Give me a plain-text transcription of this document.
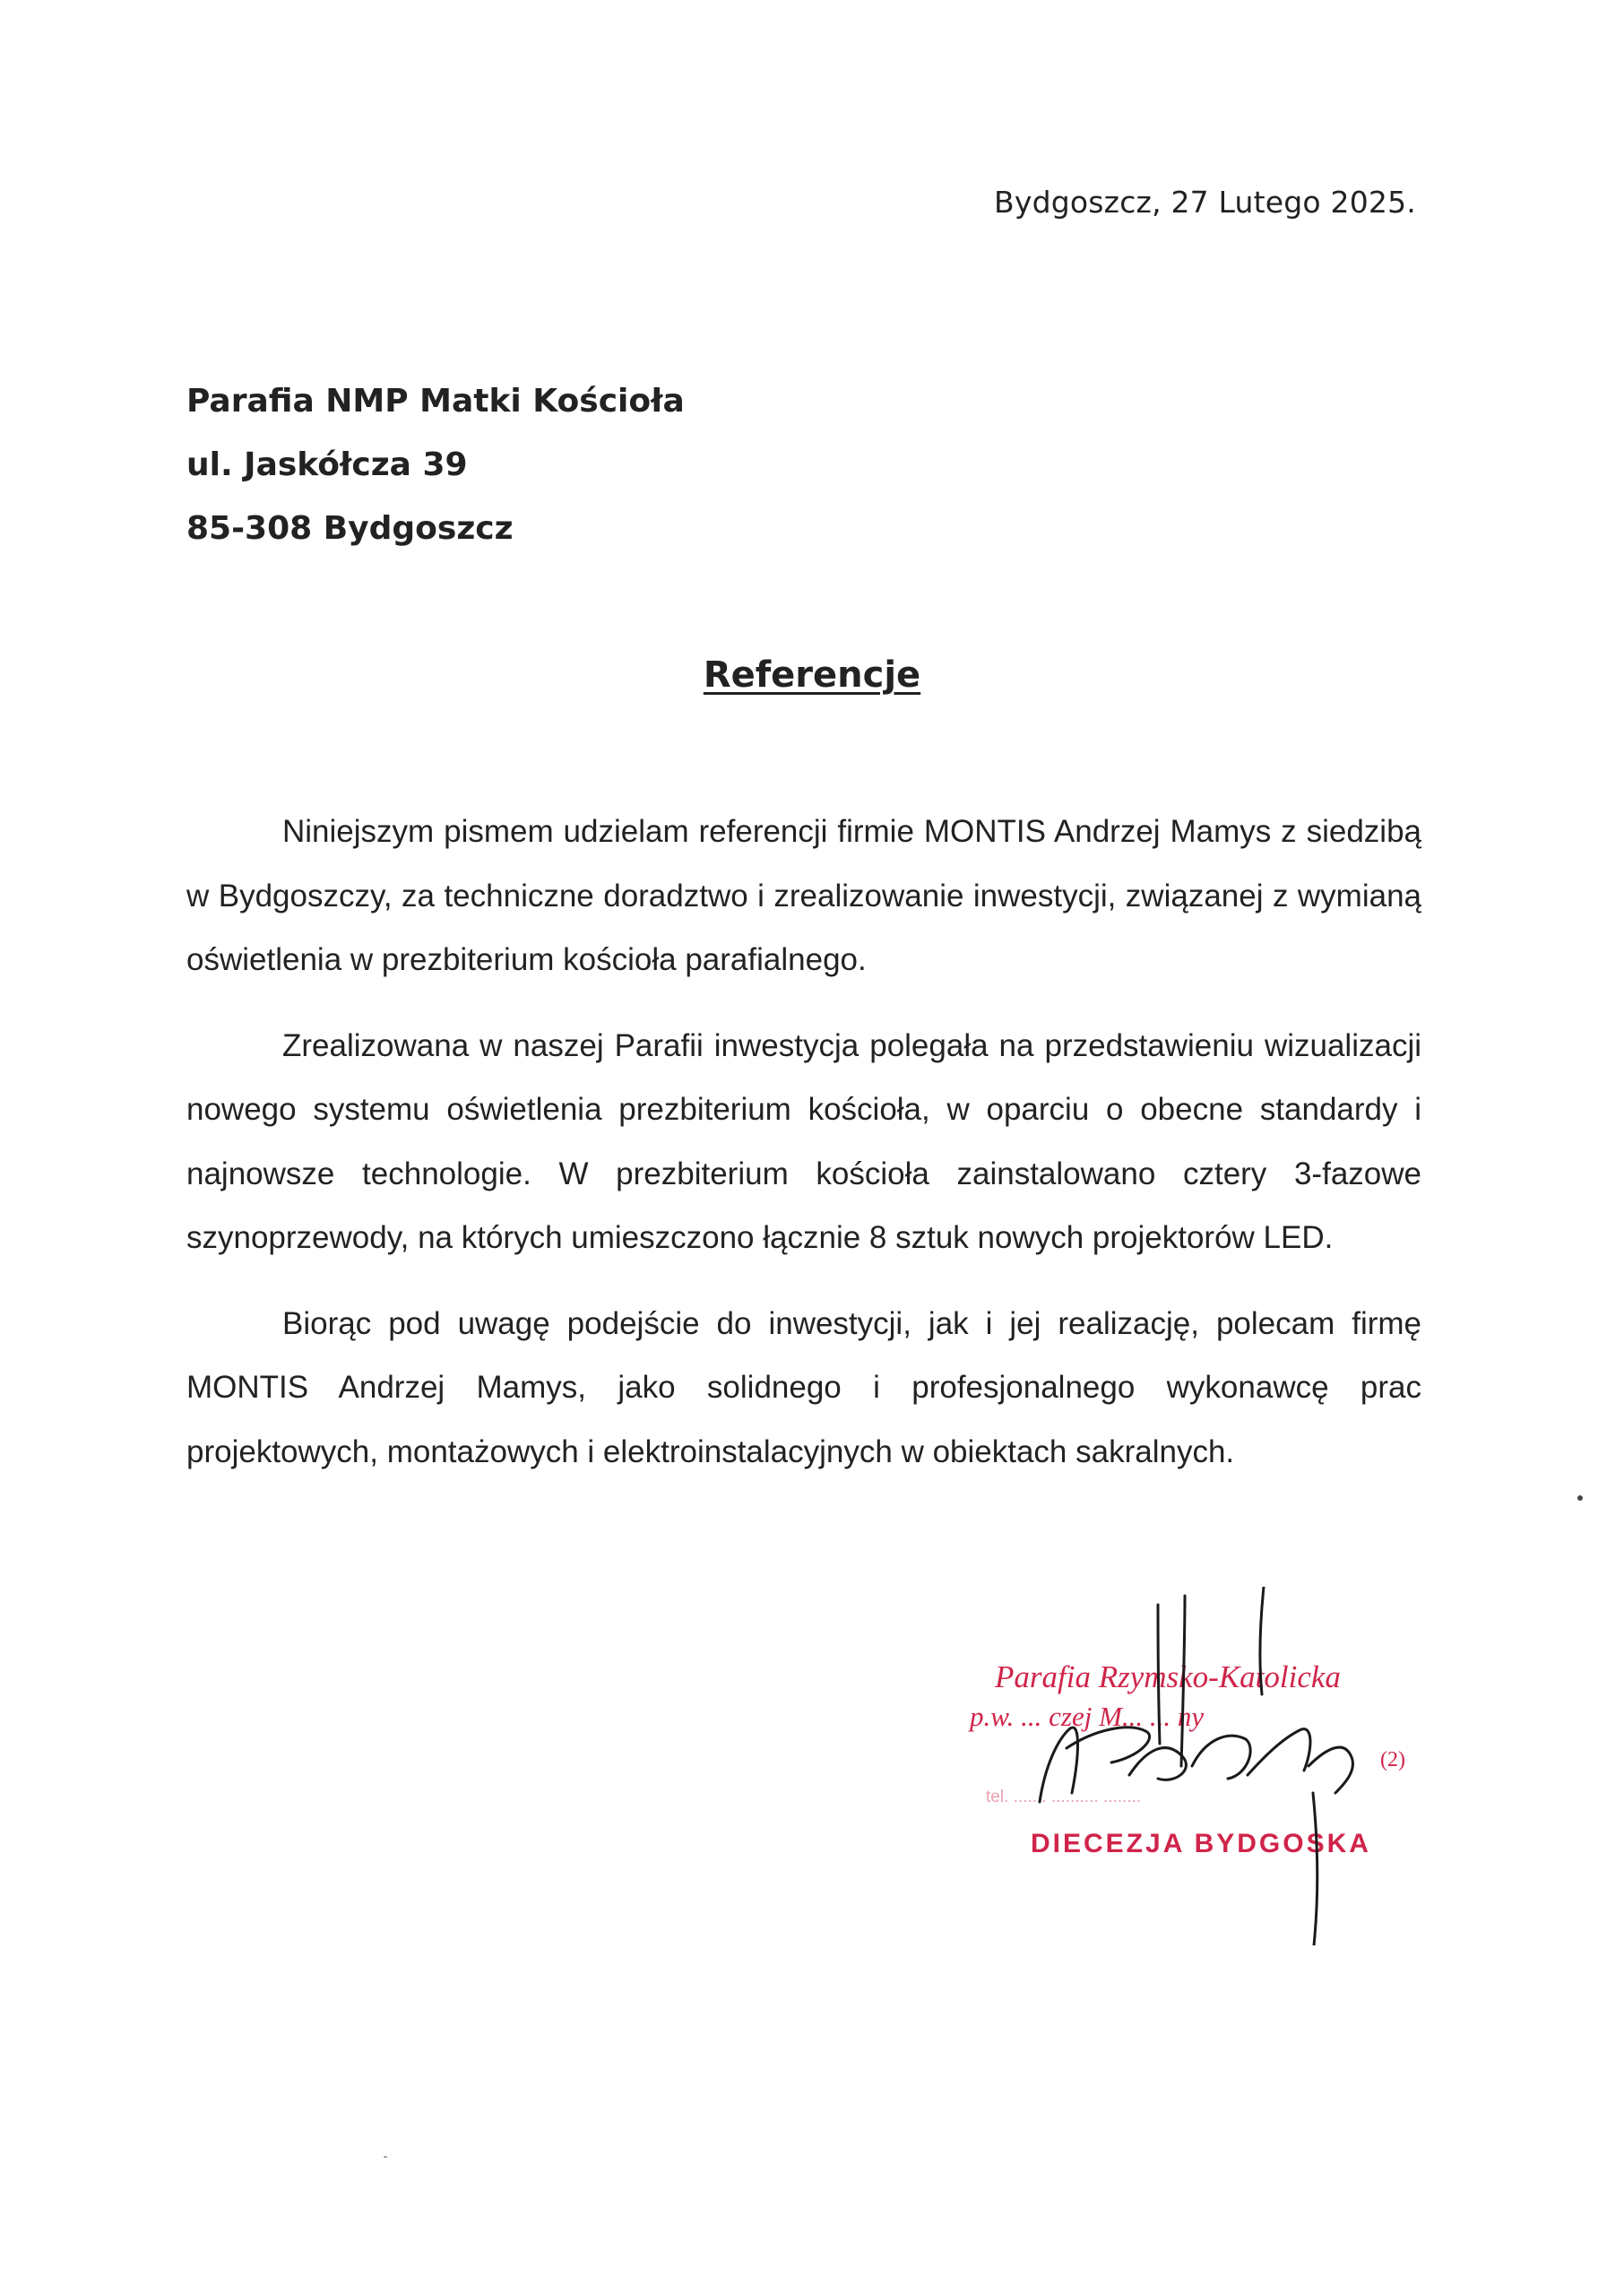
Bydgoszcz, 27 Lutego 2025.
Parafia NMP Matki Kościoła
ul. Jaskółcza 39
85-308 Bydgoszcz
Referencje

Niniejszym pismem udzielam referencji firmie MONTIS Andrzej Mamys z siedzibą w Bydgoszczy, za techniczne doradztwo i zrealizowanie inwestycji, związanej z wymianą oświetlenia w prezbiterium kościoła parafialnego.

Zrealizowana w naszej Parafii inwestycja polegała na przedstawieniu wizualizacji nowego systemu oświetlenia prezbiterium kościoła, w oparciu o obecne standardy i najnowsze technologie. W prezbiterium kościoła zainstalowano cztery 3-fazowe szynoprzewody, na których umieszczono łącznie 8 sztuk nowych projektorów LED.

Biorąc pod uwagę podejście do inwestycji, jak i jej realizację, polecam firmę MONTIS Andrzej Mamys, jako solidnego i profesjonalnego wykonawcę prac projektowych, montażowych i elektroinstalacyjnych w obiektach sakralnych.

Parafia Rzymsko-Katolicka
p.w. ... czej M... ... ny
(2)
tel. ....... .......... ........
DIECEZJA BYDGOSKA
